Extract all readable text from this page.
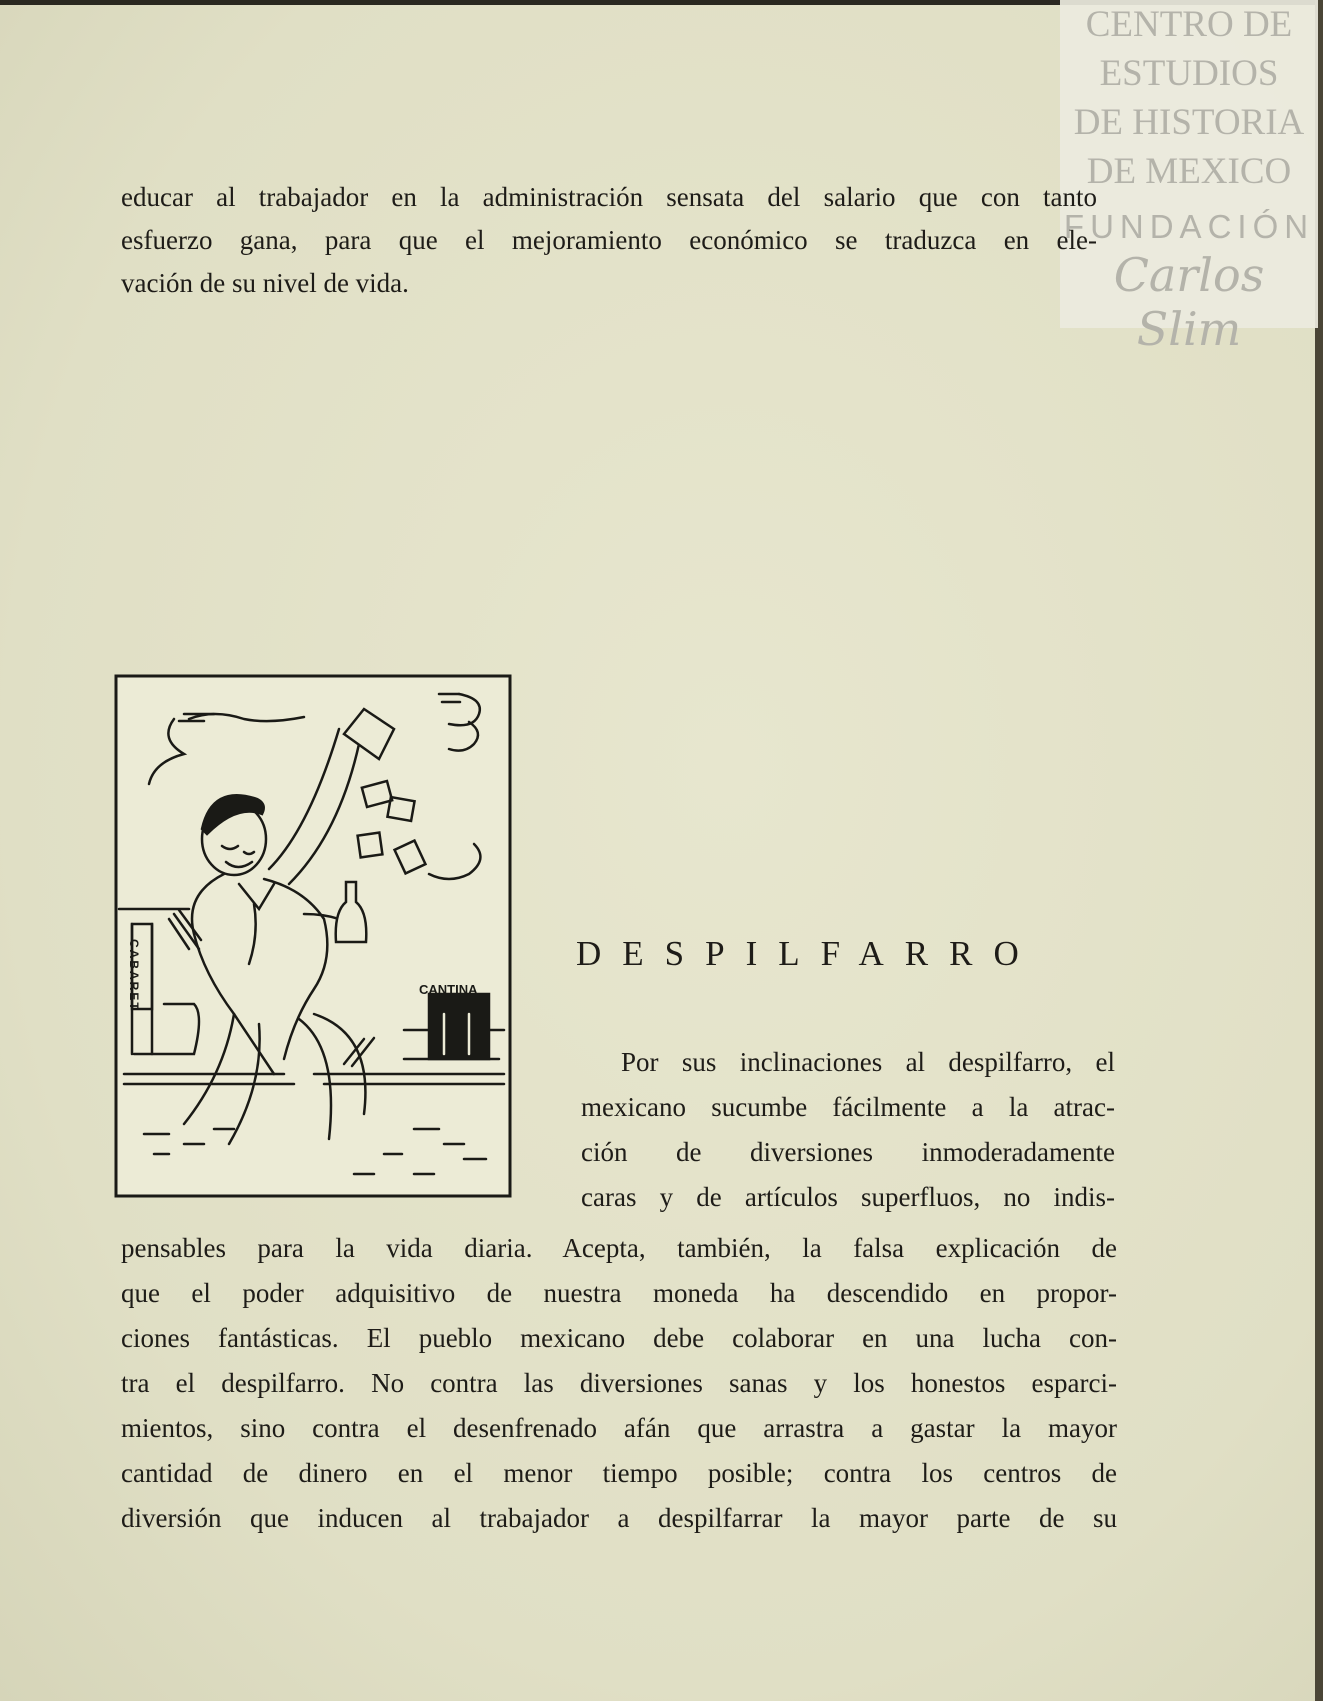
CENTRO DE
ESTUDIOS
DE HISTORIA
DE MEXICO
FUNDACIÓN
Carlos Slim
educar al trabajador en la administración sensata del salario que con tanto
esfuerzo gana, para que el mejoramiento económico se traduzca en ele-
vación de su nivel de vida.
CABARET	CANTINA
DESPILFARRO
Por sus inclinaciones al despilfarro, el
mexicano sucumbe fácilmente a la atrac-
ción de diversiones inmoderadamente
caras y de artículos superfluos, no indis-
pensables para la vida diaria. Acepta, también, la falsa explicación de
que el poder adquisitivo de nuestra moneda ha descendido en propor-
ciones fantásticas. El pueblo mexicano debe colaborar en una lucha con-
tra el despilfarro. No contra las diversiones sanas y los honestos esparci-
mientos, sino contra el desenfrenado afán que arrastra a gastar la mayor
cantidad de dinero en el menor tiempo posible; contra los centros de
diversión que inducen al trabajador a despilfarrar la mayor parte de su
